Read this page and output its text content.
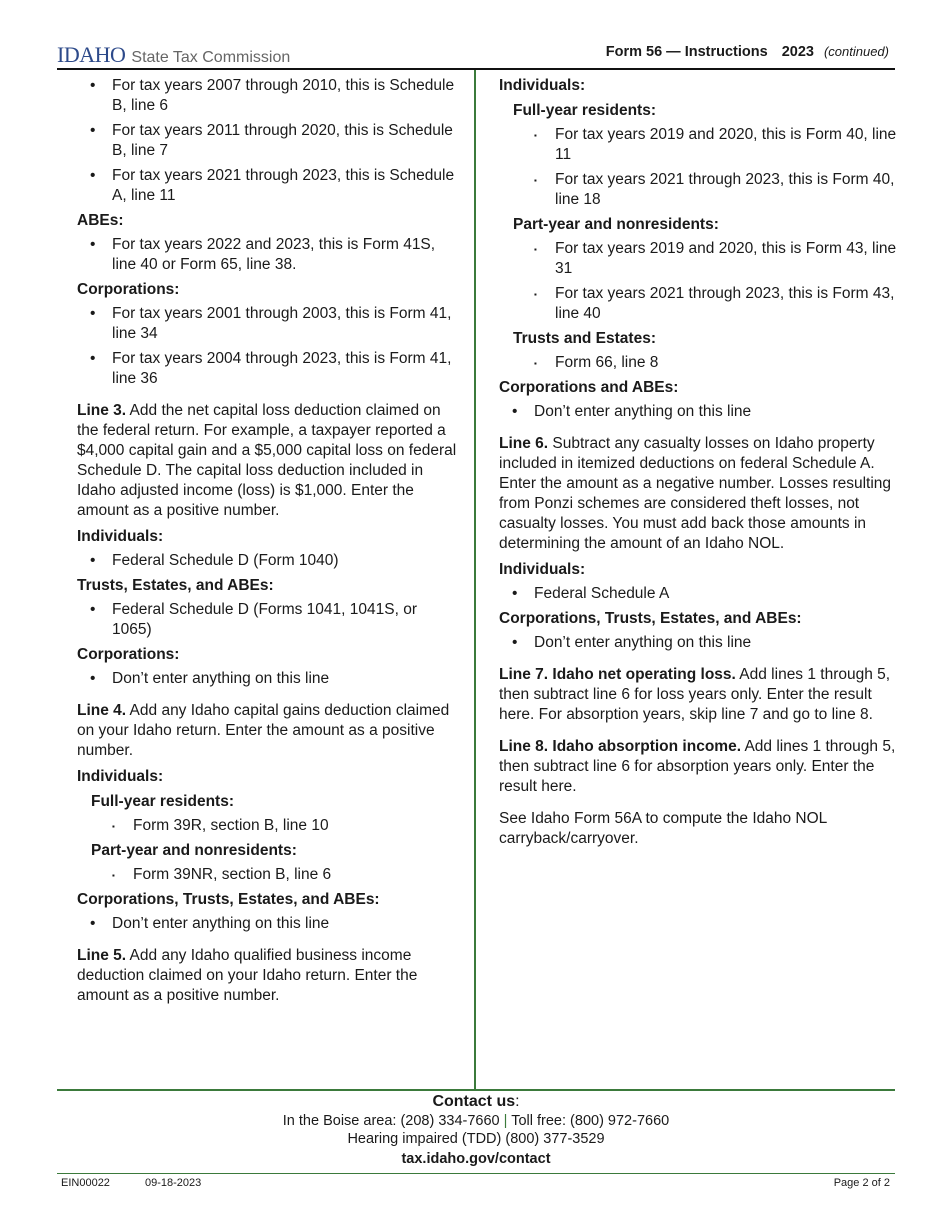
IDAHO State Tax Commission	Form 56 — Instructions 2023 (continued)
• For tax years 2007 through 2010, this is Schedule B, line 6
• For tax years 2011 through 2020, this is Schedule B, line 7
• For tax years 2021 through 2023, this is Schedule A, line 11
ABEs:
• For tax years 2022 and 2023, this is Form 41S, line 40 or Form 65, line 38.
Corporations:
• For tax years 2001 through 2003, this is Form 41, line 34
• For tax years 2004 through 2023, this is Form 41, line 36

Line 3. Add the net capital loss deduction claimed on the federal return. For example, a taxpayer reported a $4,000 capital gain and a $5,000 capital loss on federal Schedule D. The capital loss deduction included in Idaho adjusted income (loss) is $1,000. Enter the amount as a positive number.

Individuals:
• Federal Schedule D (Form 1040)
Trusts, Estates, and ABEs:
• Federal Schedule D (Forms 1041, 1041S, or 1065)
Corporations:
• Don’t enter anything on this line

Line 4. Add any Idaho capital gains deduction claimed on your Idaho return. Enter the amount as a positive number.

Individuals:
Full-year residents:
▪ Form 39R, section B, line 10
Part-year and nonresidents:
▪ Form 39NR, section B, line 6
Corporations, Trusts, Estates, and ABEs:
• Don’t enter anything on this line

Line 5. Add any Idaho qualified business income deduction claimed on your Idaho return. Enter the amount as a positive number.

Individuals:
Full-year residents:
▪ For tax years 2019 and 2020, this is Form 40, line 11
▪ For tax years 2021 through 2023, this is Form 40, line 18
Part-year and nonresidents:
▪ For tax years 2019 and 2020, this is Form 43, line 31
▪ For tax years 2021 through 2023, this is Form 43, line 40
Trusts and Estates:
▪ Form 66, line 8
Corporations and ABEs:
• Don’t enter anything on this line

Line 6. Subtract any casualty losses on Idaho property included in itemized deductions on federal Schedule A. Enter the amount as a negative number. Losses resulting from Ponzi schemes are considered theft losses, not casualty losses. You must add back those amounts in determining the amount of an Idaho NOL.

Individuals:
• Federal Schedule A
Corporations, Trusts, Estates, and ABEs:
• Don’t enter anything on this line

Line 7. Idaho net operating loss. Add lines 1 through 5, then subtract line 6 for loss years only. Enter the result here. For absorption years, skip line 7 and go to line 8.

Line 8. Idaho absorption income. Add lines 1 through 5, then subtract line 6 for absorption years only. Enter the result here.

See Idaho Form 56A to compute the Idaho NOL carryback/carryover.

Contact us:
In the Boise area: (208) 334-7660 | Toll free: (800) 972-7660
Hearing impaired (TDD) (800) 377-3529
tax.idaho.gov/contact
EIN00022	09-18-2023	Page 2 of 2
